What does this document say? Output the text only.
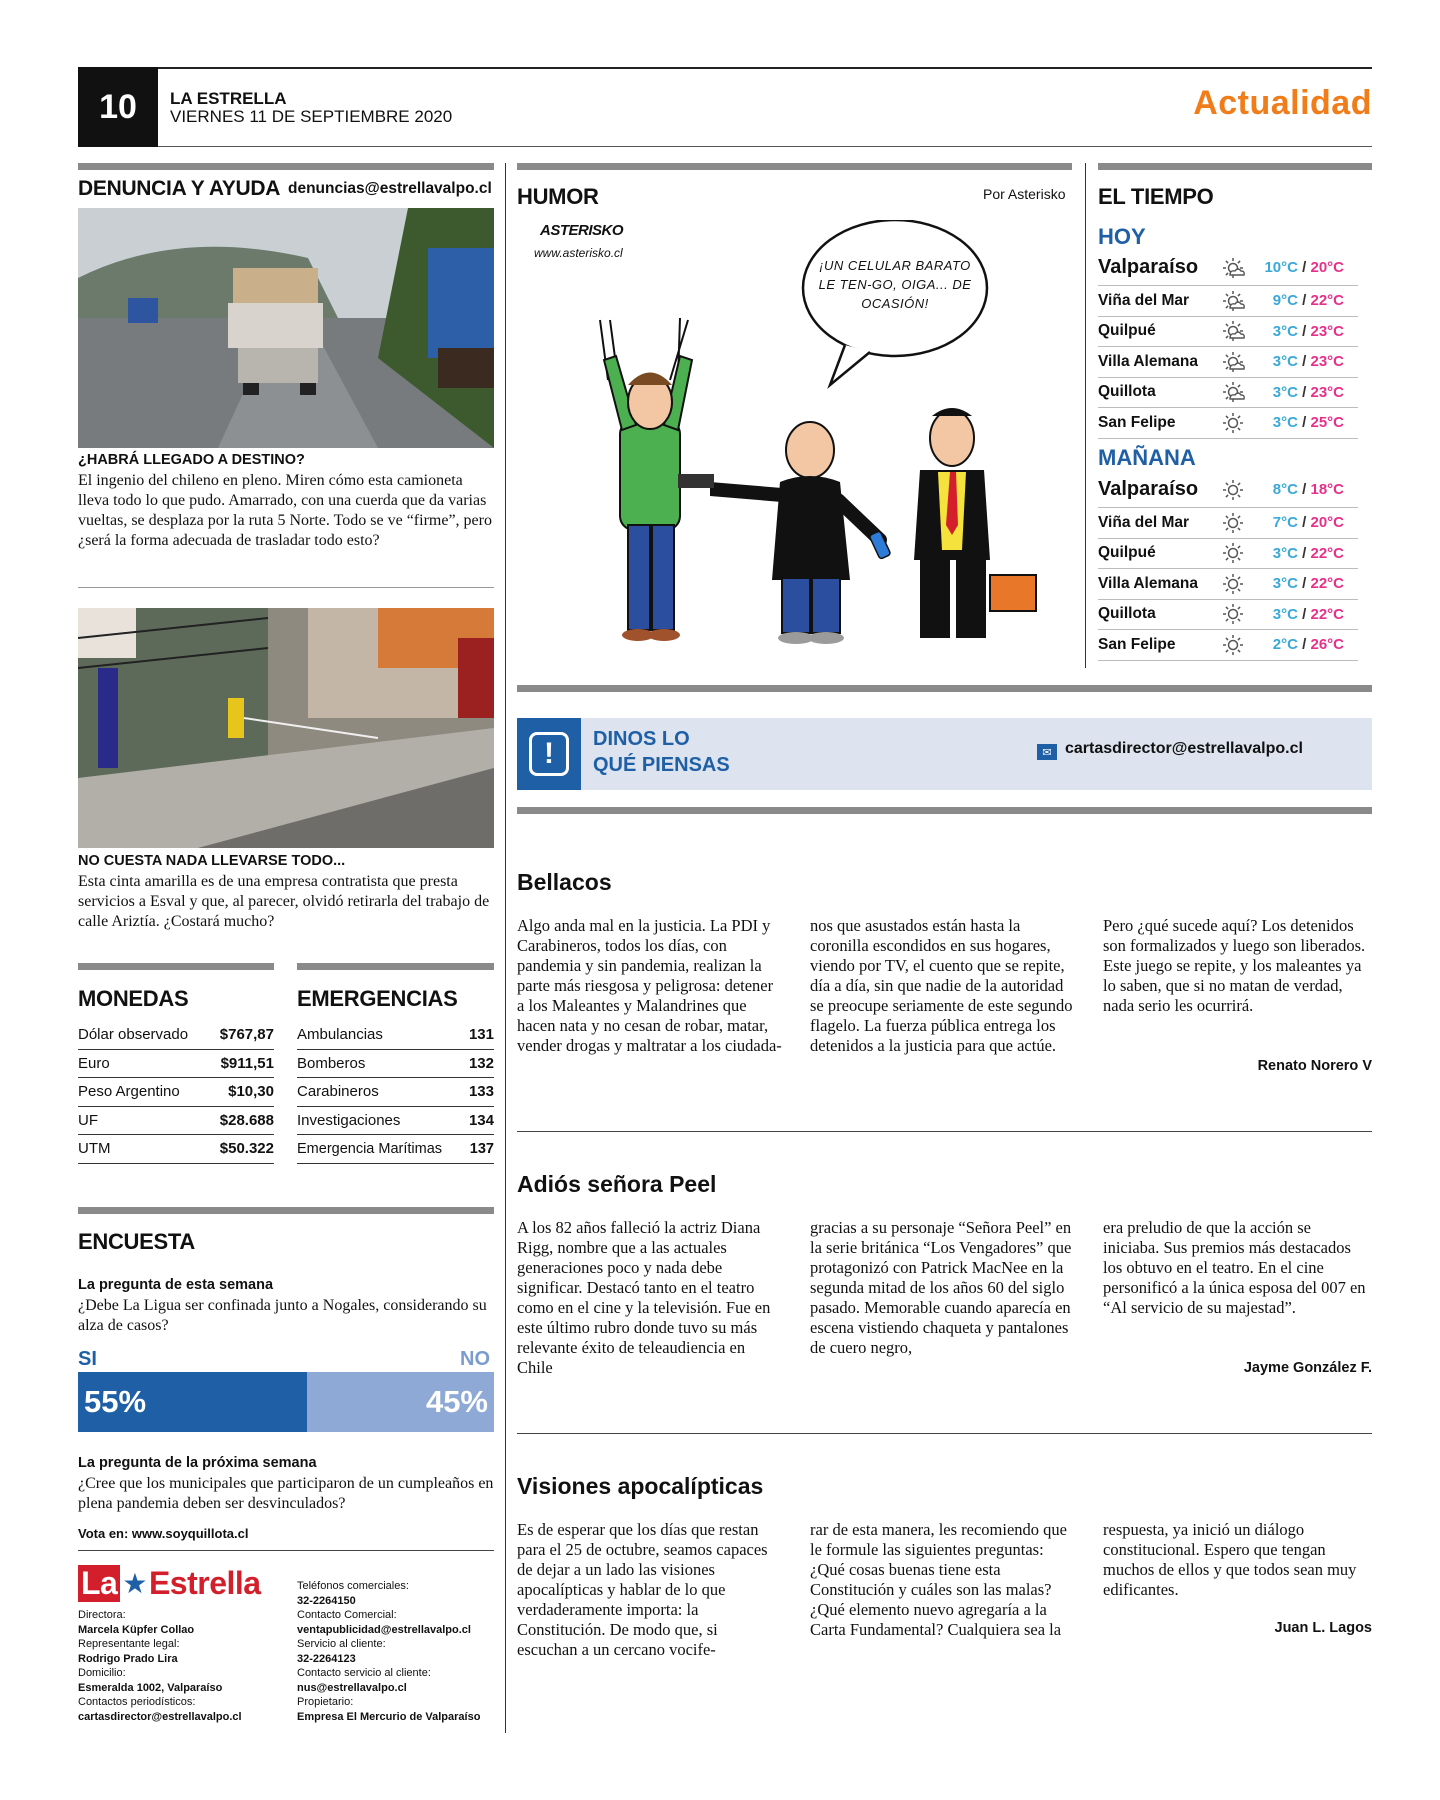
10	LA ESTRELLA
VIERNES 11 DE SEPTIEMBRE 2020	Actualidad
DENUNCIA Y AYUDA denuncias@estrellavalpo.cl
¿HABRÁ LLEGADO A DESTINO?
El ingenio del chileno en pleno. Miren cómo esta camioneta lleva todo lo que pudo. Amarrado, con una cuerda que da varias vueltas, se desplaza por la ruta 5 Norte. Todo se ve “firme”, pero ¿será la forma adecuada de trasladar todo esto?
NO CUESTA NADA LLEVARSE TODO...
Esta cinta amarilla es de una empresa contratista que presta servicios a Esval y que, al parecer, olvidó retirarla del trabajo de calle Ariztía. ¿Costará mucho?
MONEDAS
Dólar observado $767,87
Euro	$911,51
Peso Argentino	$10,30
UF	$28.688
UTM	$50.322
EMERGENCIAS
Ambulancias	131
Bomberos	132
Carabineros	133
Investigaciones	134
Emergencia Marítimas 137
ENCUESTA
La pregunta de esta semana
¿Debe La Ligua ser confinada junto a Nogales, considerando su alza de casos?
SI	NO
55%	45%
La pregunta de la próxima semana
¿Cree que los municipales que participaron de un cumpleaños en plena pandemia deben ser desvinculados?
Vota en: www.soyquillota.cl
La ★ Estrella
Directora:
Marcela Küpfer Collao
Representante legal:
Rodrigo Prado Lira
Domicilio:
Esmeralda 1002, Valparaíso
Contactos periodísticos:
cartasdirector@estrellavalpo.cl
Teléfonos comerciales:
32-2264150
Contacto Comercial:
ventapublicidad@estrellavalpo.cl
Servicio al cliente:
32-2264123
Contacto servicio al cliente:
nus@estrellavalpo.cl
Propietario:
Empresa El Mercurio de Valparaíso
HUMOR	Por Asterisko
ASTERISKO
www.asterisko.cl
¡UN CELULAR BARATO LE TEN-GO, OIGA... DE OCASIÓN!
EL TIEMPO
HOY
Valparaíso	10°C / 20°C
Viña del Mar	9°C / 22°C
Quilpué	3°C / 23°C
Villa Alemana	3°C / 23°C
Quillota	3°C / 23°C
San Felipe	3°C / 25°C
MAÑANA
Valparaíso	8°C / 18°C
Viña del Mar	7°C / 20°C
Quilpué	3°C / 22°C
Villa Alemana	3°C / 22°C
Quillota	3°C / 22°C
San Felipe	2°C / 26°C
!	DINOS LO
QUÉ PIENSAS
✉ cartasdirector@estrellavalpo.cl
Bellacos
Algo anda mal en la justicia. La PDI y Carabineros, todos los días, con pandemia y sin pandemia, realizan la parte más riesgosa y peligrosa: detener a los Maleantes y Malandrines que hacen nata y no cesan de robar, matar, vender drogas y maltratar a los ciudada-
nos que asustados están hasta la coronilla escondidos en sus hogares, viendo por TV, el cuento que se repite, día a día, sin que nadie de la autoridad se preocupe seriamente de este segundo flagelo. La fuerza pública entrega los detenidos a la justicia para que actúe.
Pero ¿qué sucede aquí? Los detenidos son formalizados y luego son liberados. Este juego se repite, y los maleantes ya lo saben, que si no matan de verdad, nada serio les ocurrirá.
Renato Norero V
Adiós señora Peel
A los 82 años falleció la actriz Diana Rigg, nombre que a las actuales generaciones poco y nada debe significar. Destacó tanto en el teatro como en el cine y la televisión. Fue en este último rubro donde tuvo su más relevante éxito de teleaudiencia en Chile
gracias a su personaje “Señora Peel” en la serie británica “Los Vengadores” que protagonizó con Patrick MacNee en la segunda mitad de los años 60 del siglo pasado. Memorable cuando aparecía en escena vistiendo chaqueta y pantalones de cuero negro,
era preludio de que la acción se iniciaba. Sus premios más destacados los obtuvo en el teatro. En el cine personificó a la única esposa del 007 en “Al servicio de su majestad”.
Jayme González F.
Visiones apocalípticas
Es de esperar que los días que restan para el 25 de octubre, seamos capaces de dejar a un lado las visiones apocalípticas y hablar de lo que verdaderamente importa: la Constitución. De modo que, si escuchan a un cercano vocife-
rar de esta manera, les recomiendo que le formule las siguientes preguntas: ¿Qué cosas buenas tiene esta Constitución y cuáles son las malas? ¿Qué elemento nuevo agregaría a la Carta Fundamental? Cualquiera sea la
respuesta, ya inició un diálogo constitucional. Espero que tengan muchos de ellos y que todos sean muy edificantes.
Juan L. Lagos
